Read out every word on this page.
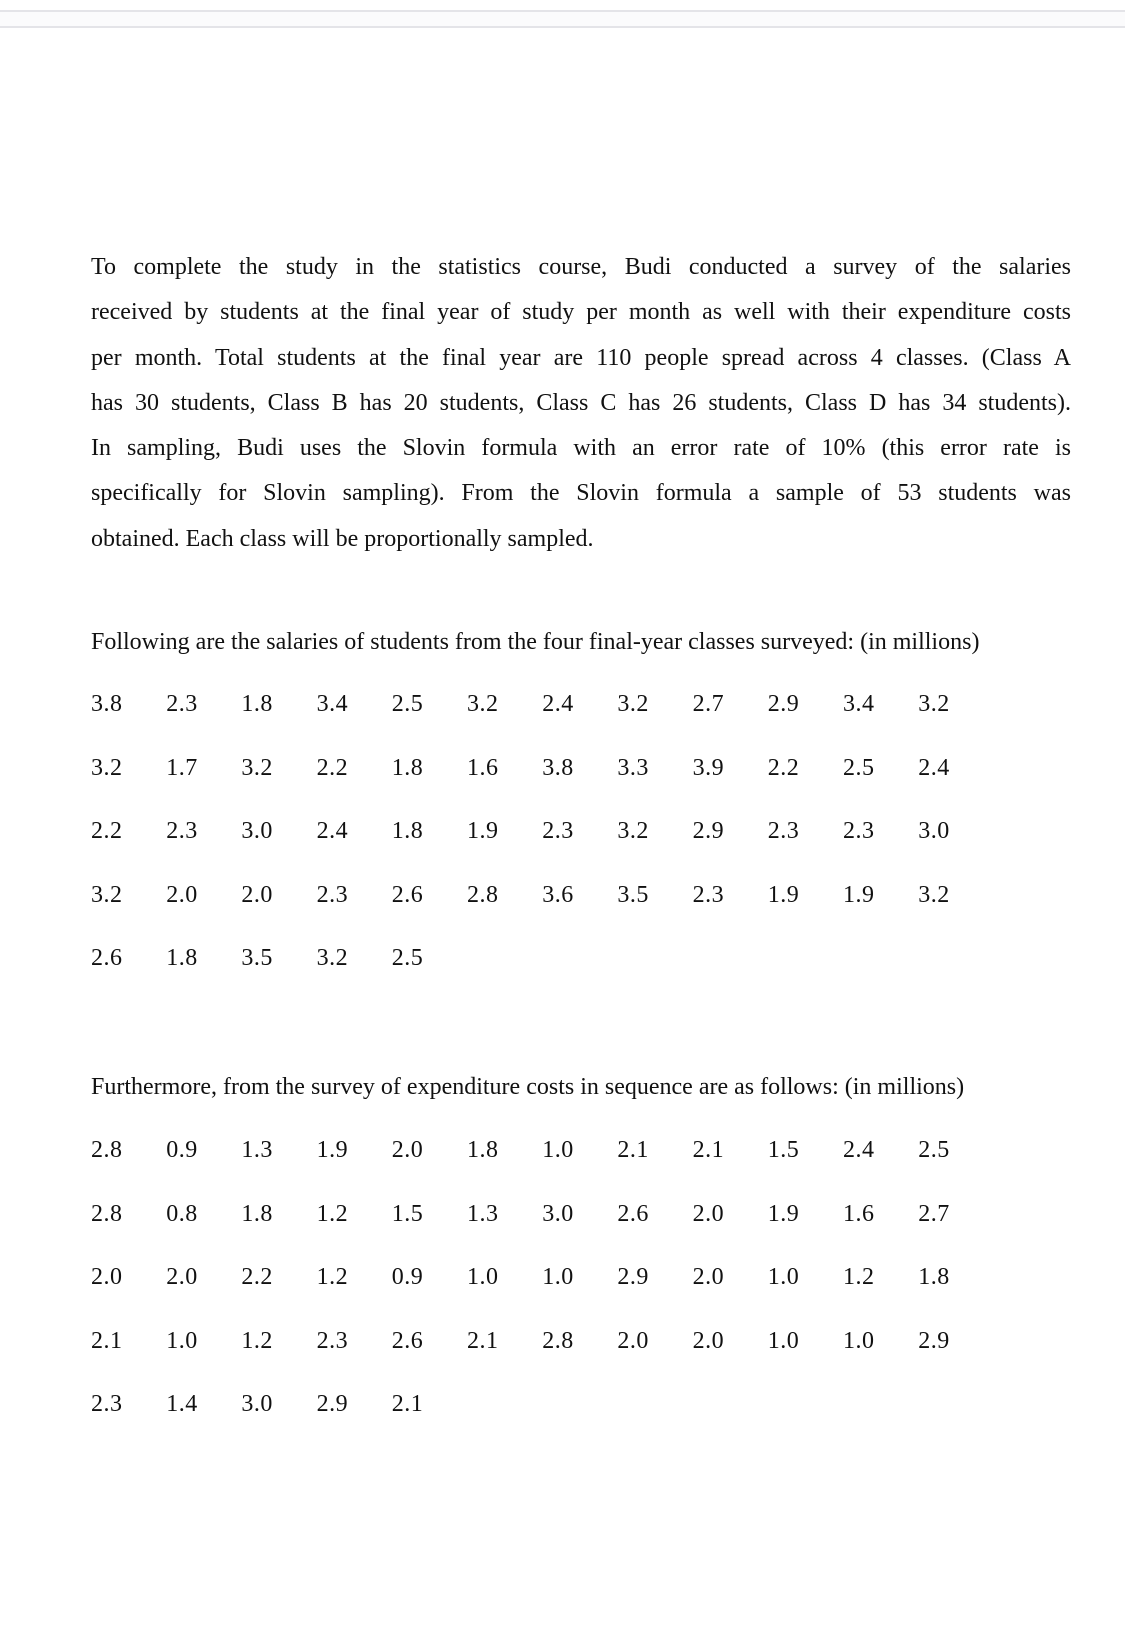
To complete the study in the statistics course, Budi conducted a survey of the salaries
received by students at the final year of study per month as well with their expenditure costs
per month. Total students at the final year are 110 people spread across 4 classes. (Class A
has 30 students, Class B has 20 students, Class C has 26 students, Class D has 34 students).
In sampling, Budi uses the Slovin formula with an error rate of 10% (this error rate is
specifically for Slovin sampling). From the Slovin formula a sample of 53 students was
obtained. Each class will be proportionally sampled.

Following are the salaries of students from the four final-year classes surveyed: (in millions)

3.8 2.3 1.8 3.4 2.5 3.2 2.4 3.2 2.7 2.9 3.4 3.2
3.2 1.7 3.2 2.2 1.8 1.6 3.8 3.3 3.9 2.2 2.5 2.4
2.2 2.3 3.0 2.4 1.8 1.9 2.3 3.2 2.9 2.3 2.3 3.0
3.2 2.0 2.0 2.3 2.6 2.8 3.6 3.5 2.3 1.9 1.9 3.2
2.6 1.8 3.5 3.2 2.5

Furthermore, from the survey of expenditure costs in sequence are as follows: (in millions)

2.8 0.9 1.3 1.9 2.0 1.8 1.0 2.1 2.1 1.5 2.4 2.5
2.8 0.8 1.8 1.2 1.5 1.3 3.0 2.6 2.0 1.9 1.6 2.7
2.0 2.0 2.2 1.2 0.9 1.0 1.0 2.9 2.0 1.0 1.2 1.8
2.1 1.0 1.2 2.3 2.6 2.1 2.8 2.0 2.0 1.0 1.0 2.9
2.3 1.4 3.0 2.9 2.1
